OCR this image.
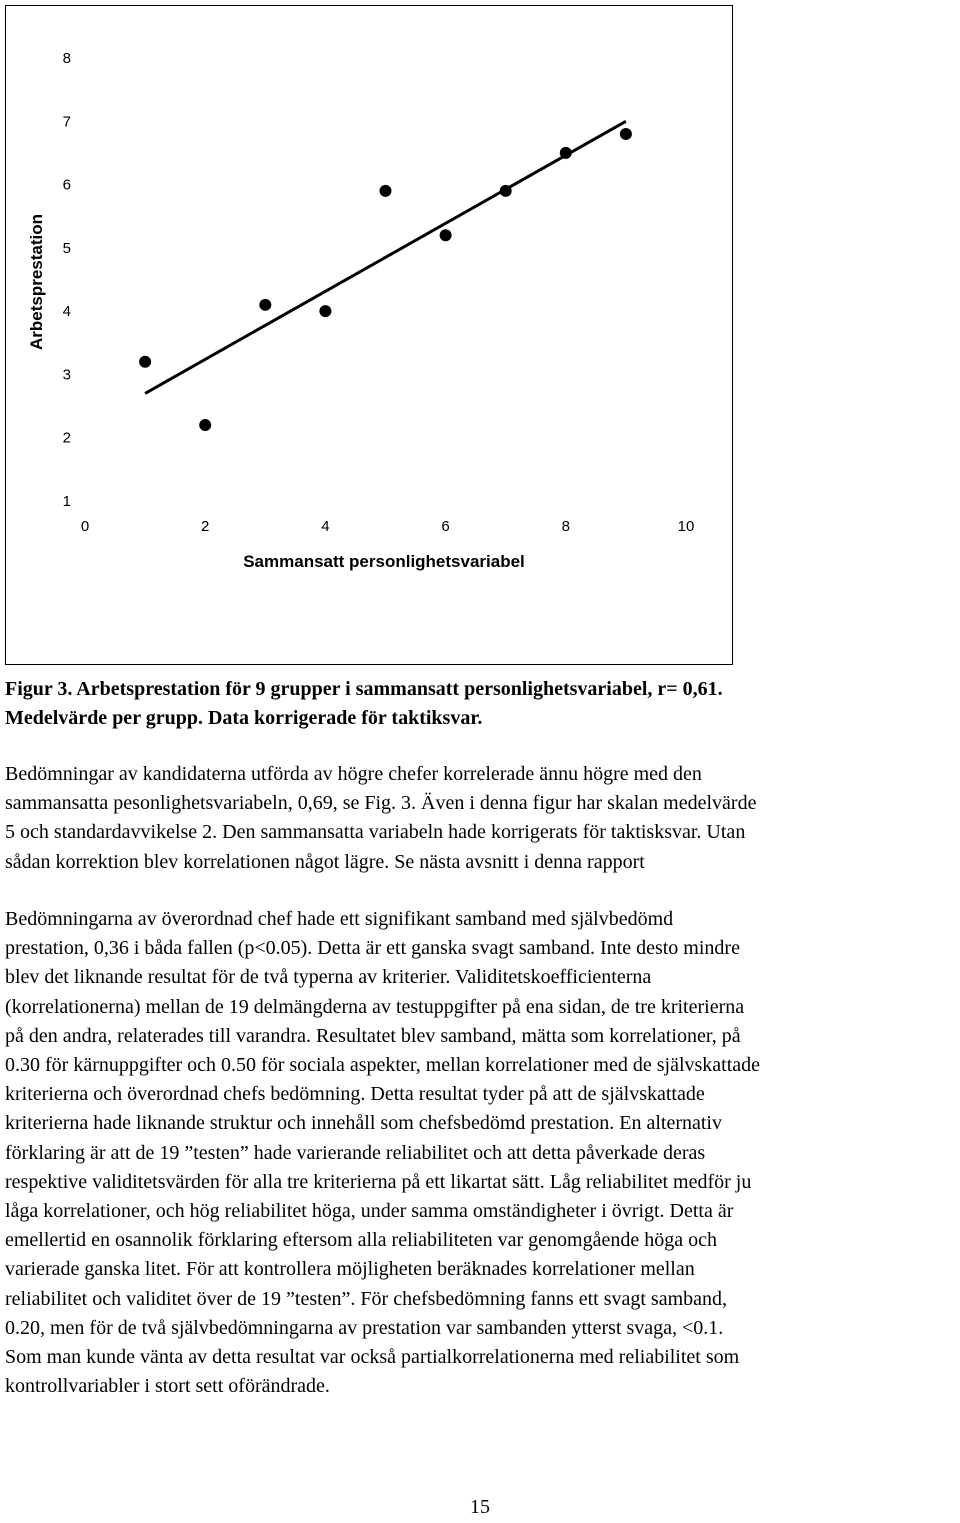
1
2
3
4
5
6
7
8
0	2	4	6	8	10
Arbetsprestation
Sammansatt personlighetsvariabel
Figur 3. Arbetsprestation för 9 grupper i sammansatt personlighetsvariabel, r= 0,61.
Medelvärde per grupp. Data korrigerade för taktiksvar.
Bedömningar av kandidaterna utförda av högre chefer korrelerade ännu högre med den
sammansatta pesonlighetsvariabeln, 0,69, se Fig. 3. Även i denna figur har skalan medelvärde
5 och standardavvikelse 2. Den sammansatta variabeln hade korrigerats för taktisksvar. Utan
sådan korrektion blev korrelationen något lägre. Se nästa avsnitt i denna rapport
Bedömningarna av överordnad chef hade ett signifikant samband med självbedömd
prestation, 0,36 i båda fallen (p<0.05). Detta är ett ganska svagt samband. Inte desto mindre
blev det liknande resultat för de två typerna av kriterier. Validitetskoefficienterna
(korrelationerna) mellan de 19 delmängderna av testuppgifter på ena sidan, de tre kriterierna
på den andra, relaterades till varandra. Resultatet blev samband, mätta som korrelationer, på
0.30 för kärnuppgifter och 0.50 för sociala aspekter, mellan korrelationer med de självskattade
kriterierna och överordnad chefs bedömning. Detta resultat tyder på att de självskattade
kriterierna hade liknande struktur och innehåll som chefsbedömd prestation. En alternativ
förklaring är att de 19 ”testen” hade varierande reliabilitet och att detta påverkade deras
respektive validitetsvärden för alla tre kriterierna på ett likartat sätt. Låg reliabilitet medför ju
låga korrelationer, och hög reliabilitet höga, under samma omständigheter i övrigt. Detta är
emellertid en osannolik förklaring eftersom alla reliabiliteten var genomgående höga och
varierade ganska litet. För att kontrollera möjligheten beräknades korrelationer mellan
reliabilitet och validitet över de 19 ”testen”. För chefsbedömning fanns ett svagt samband,
0.20, men för de två självbedömningarna av prestation var sambanden ytterst svaga, <0.1.
Som man kunde vänta av detta resultat var också partialkorrelationerna med reliabilitet som
kontrollvariabler i stort sett oförändrade.
15
